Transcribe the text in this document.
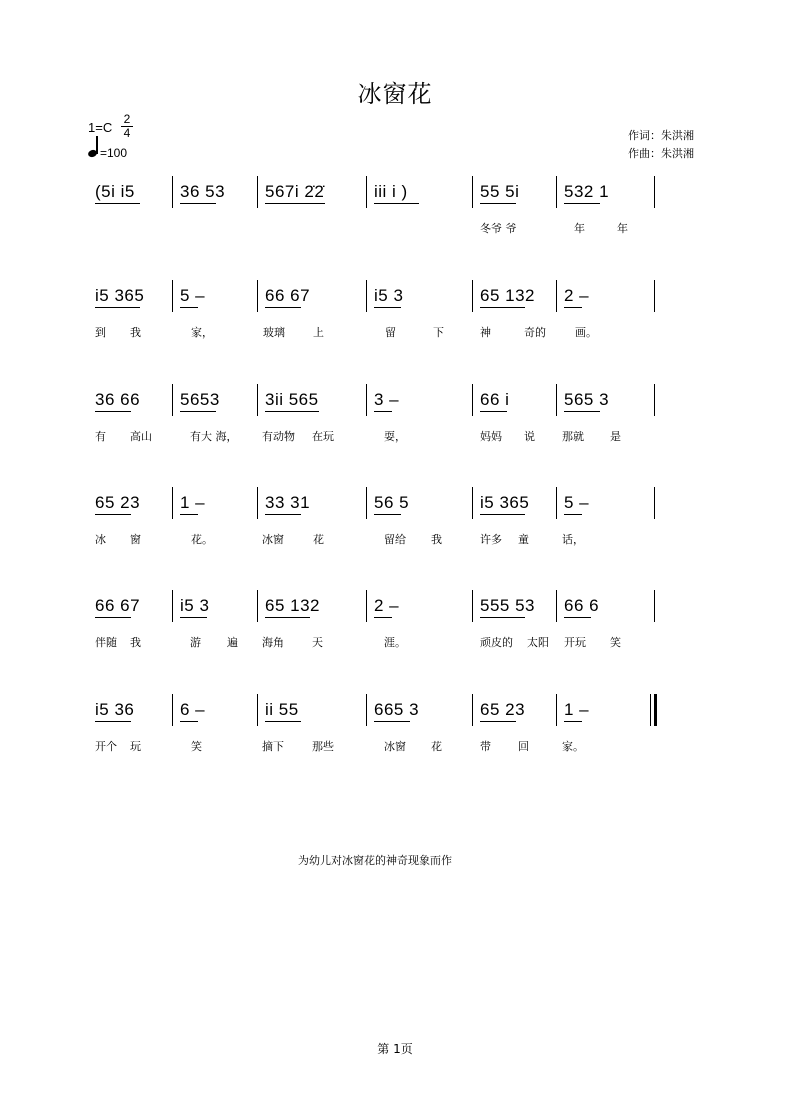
冰窗花
1=C
2
4
=100
作词：朱洪湘
作曲：朱洪湘
(5i i5	36 53 567i 2̇2̇	iii i )	55 5i	532 1
冬爷 爷	年	年
i5 365 5 –	66 67	i5 3	65 132 2 –
到 我	家，	玻璃	上	留	下	神	奇的	画。
36 66 5653	3ii 565	3 –	66 i	565 3
有 高山	有大 海， 有动物 在玩	耍，	妈妈 说 那就 是
65 23 1 –	33 31	56 5	i5 365 5 –
冰 窗	花。	冰窗	花	留给 我	许多 童	话，
66 67 i5 3	65 132	2 –	555 53 66 6
伴随 我	游 遍 海角	天	涯。	顽皮的 太阳 开玩 笑
i5 36	6 –	ii 55	665 3	65 23 1 –
开个 玩	笑	摘下	那些	冰窗 花	带 回	家。
为幼儿对冰窗花的神奇现象而作
第 1页
